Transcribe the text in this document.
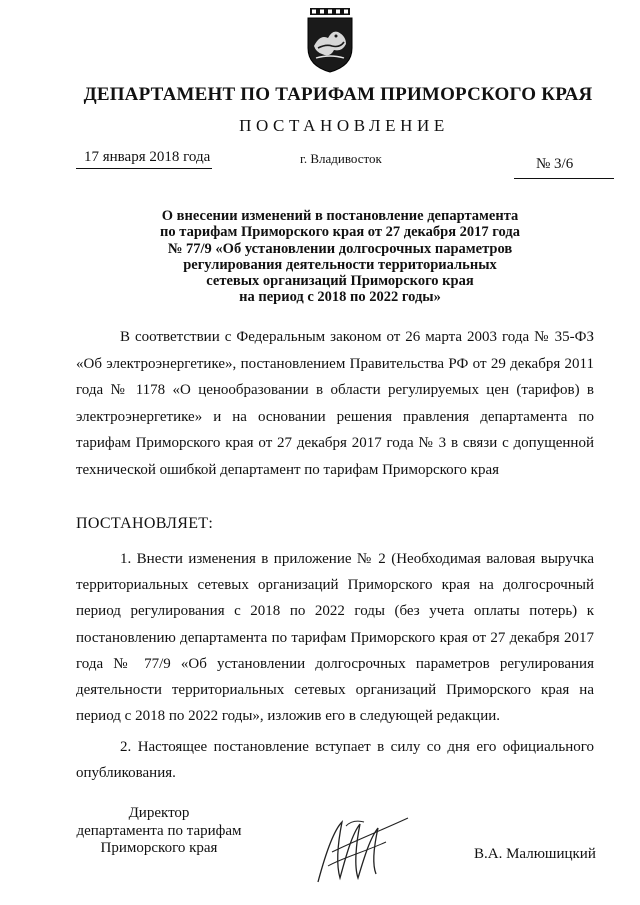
ДЕПАРТАМЕНТ ПО ТАРИФАМ ПРИМОРСКОГО КРАЯ
ПОСТАНОВЛЕНИЕ
17 января 2018 года	г. Владивосток	№ 3/6
О внесении изменений в постановление департамента
по тарифам Приморского края от 27 декабря 2017 года
№ 77/9 «Об установлении долгосрочных параметров
регулирования деятельности территориальных
сетевых организаций Приморского края
на период с 2018 по 2022 годы»
В соответствии с Федеральным законом от 26 марта 2003 года № 35-ФЗ «Об электроэнергетике», постановлением Правительства РФ от 29 декабря 2011 года № 1178 «О ценообразовании в области регулируемых цен (тарифов) в электроэнергетике» и на основании решения правления департамента по тарифам Приморского края от 27 декабря 2017 года № 3 в связи с допущенной технической ошибкой департамент по тарифам Приморского края
ПОСТАНОВЛЯЕТ:
1. Внести изменения в приложение № 2 (Необходимая валовая выручка территориальных сетевых организаций Приморского края на долгосрочный период регулирования с 2018 по 2022 годы (без учета оплаты потерь) к постановлению департамента по тарифам Приморского края от 27 декабря 2017 года № 77/9 «Об установлении долгосрочных параметров регулирования деятельности территориальных сетевых организаций Приморского края на период с 2018 по 2022 годы», изложив его в следующей редакции.
2. Настоящее постановление вступает в силу со дня его официального опубликования.
Директор
департамента по тарифам
Приморского края	В.А. Малюшицкий
